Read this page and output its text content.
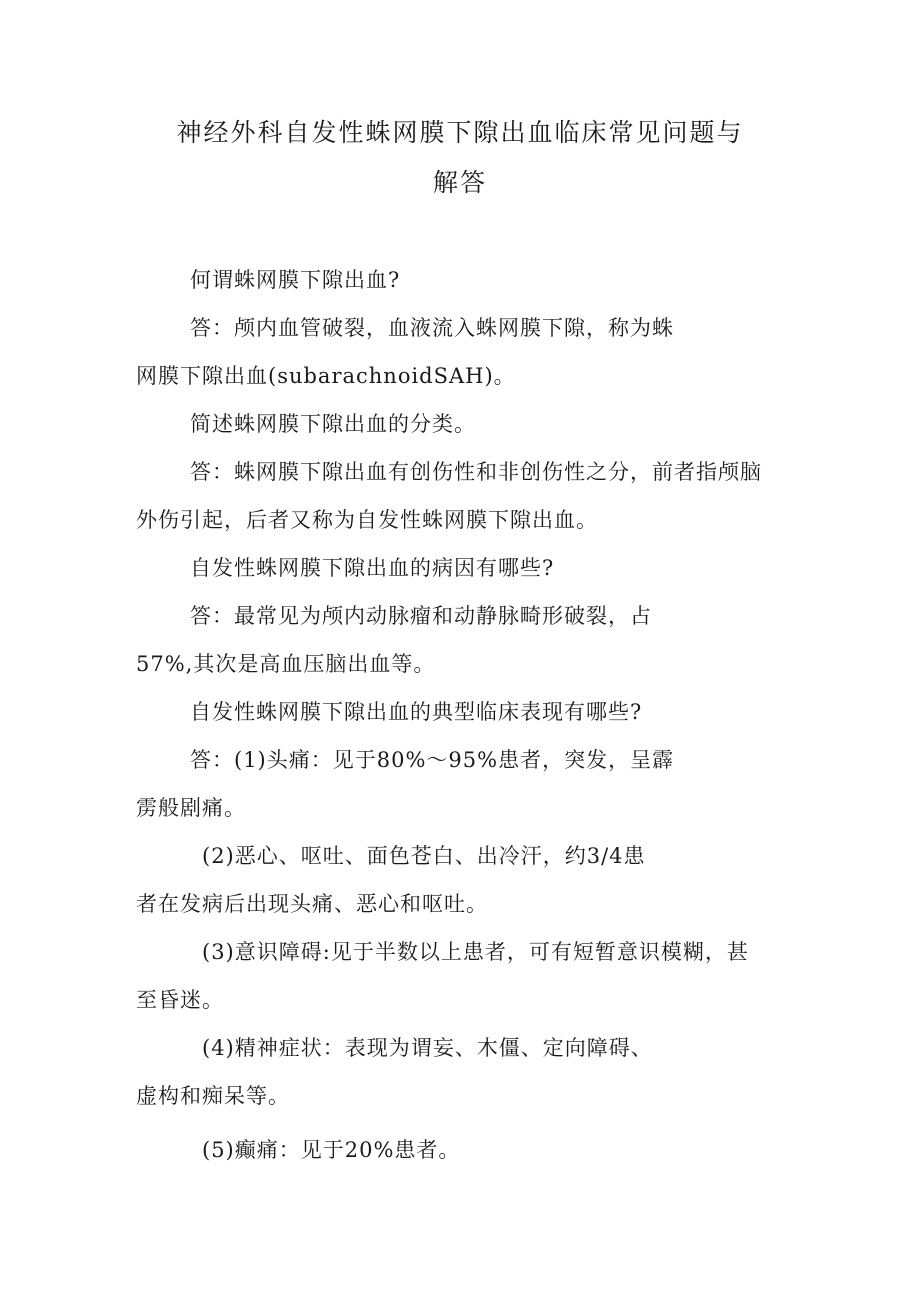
神经外科自发性蛛网膜下隙出血临床常见问题与
解答

何谓蛛网膜下隙出血?

答：颅内血管破裂，血液流入蛛网膜下隙，称为蛛

网膜下隙出血(subarachnoidSAH)。

简述蛛网膜下隙出血的分类。

答：蛛网膜下隙出血有创伤性和非创伤性之分，前者指颅脑

外伤引起，后者又称为自发性蛛网膜下隙出血。

自发性蛛网膜下隙出血的病因有哪些?

答：最常见为颅内动脉瘤和动静脉畸形破裂，占

57%,其次是高血压脑出血等。

自发性蛛网膜下隙出血的典型临床表现有哪些?

答：(1)头痛：见于80%〜95%患者，突发，呈霹

雳般剧痛。

(2)恶心、呕吐、面色苍白、出冷汗，约3/4患

者在发病后出现头痛、恶心和呕吐。

(3)意识障碍:见于半数以上患者，可有短暂意识模糊，甚

至昏迷。

(4)精神症状：表现为谓妄、木僵、定向障碍、

虚构和痴呆等。

(5)癫痛：见于20%患者。
